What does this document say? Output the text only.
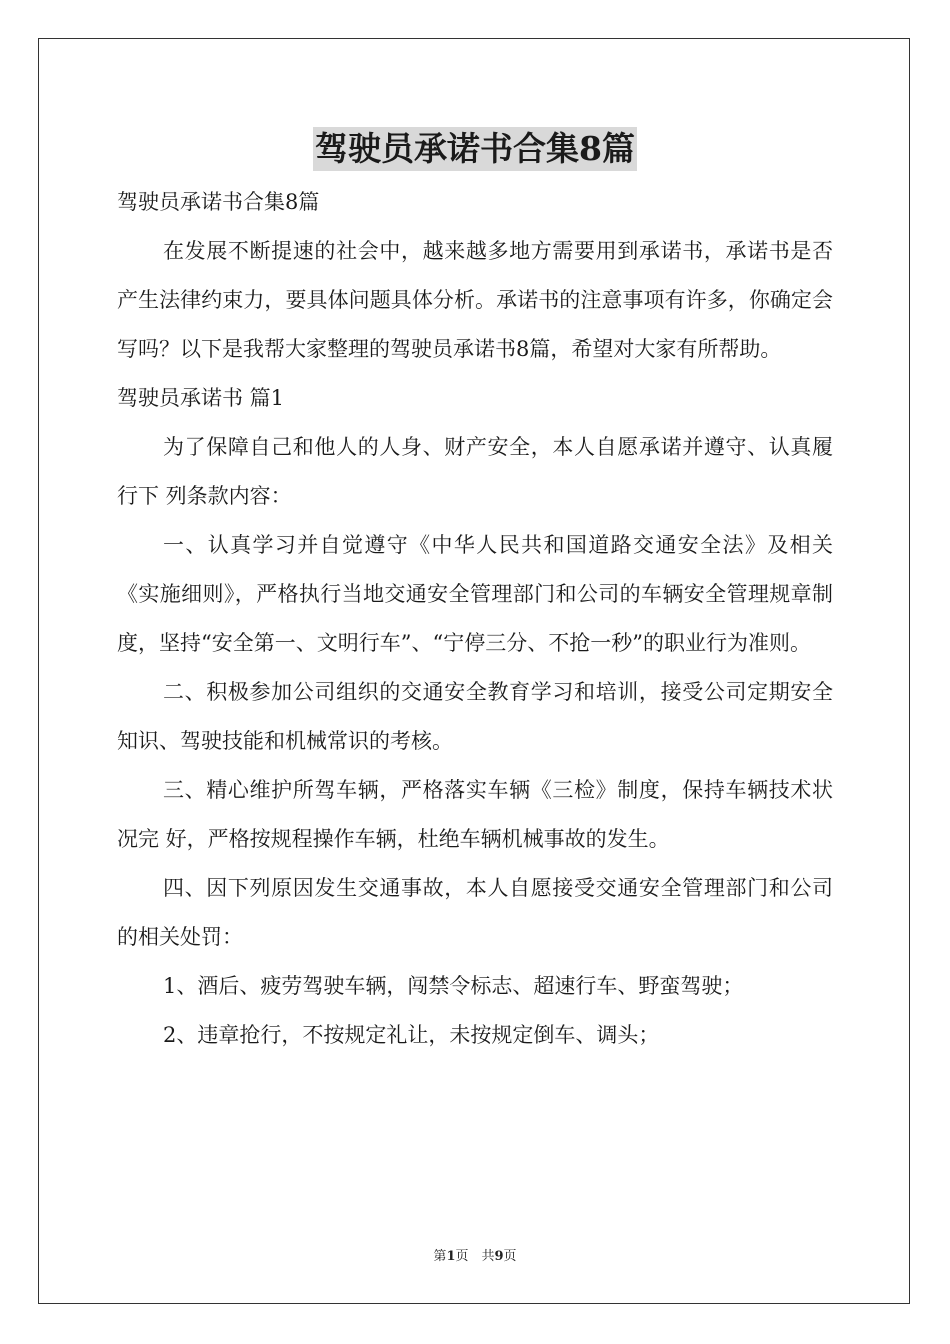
驾驶员承诺书合集8篇

驾驶员承诺书合集8篇

在发展不断提速的社会中，越来越多地方需要用到承诺书，承诺书是否产生法律约束力，要具体问题具体分析。承诺书的注意事项有许多，你确定会写吗？以下是我帮大家整理的驾驶员承诺书8篇，希望对大家有所帮助。

驾驶员承诺书 篇1

为了保障自己和他人的人身、财产安全，本人自愿承诺并遵守、认真履行下 列条款内容：

一、认真学习并自觉遵守《中华人民共和国道路交通安全法》及相关《实施细则》，严格执行当地交通安全管理部门和公司的车辆安全管理规章制度，坚持“安全第一、文明行车”、“宁停三分、不抢一秒”的职业行为准则。

二、积极参加公司组织的交通安全教育学习和培训，接受公司定期安全知识、驾驶技能和机械常识的考核。

三、精心维护所驾车辆，严格落实车辆《三检》制度，保持车辆技术状况完 好，严格按规程操作车辆，杜绝车辆机械事故的发生。

四、因下列原因发生交通事故，本人自愿接受交通安全管理部门和公司的相关处罚：

1、酒后、疲劳驾驶车辆，闯禁令标志、超速行车、野蛮驾驶；

2、违章抢行，不按规定礼让，未按规定倒车、调头；

第1页　共9页
